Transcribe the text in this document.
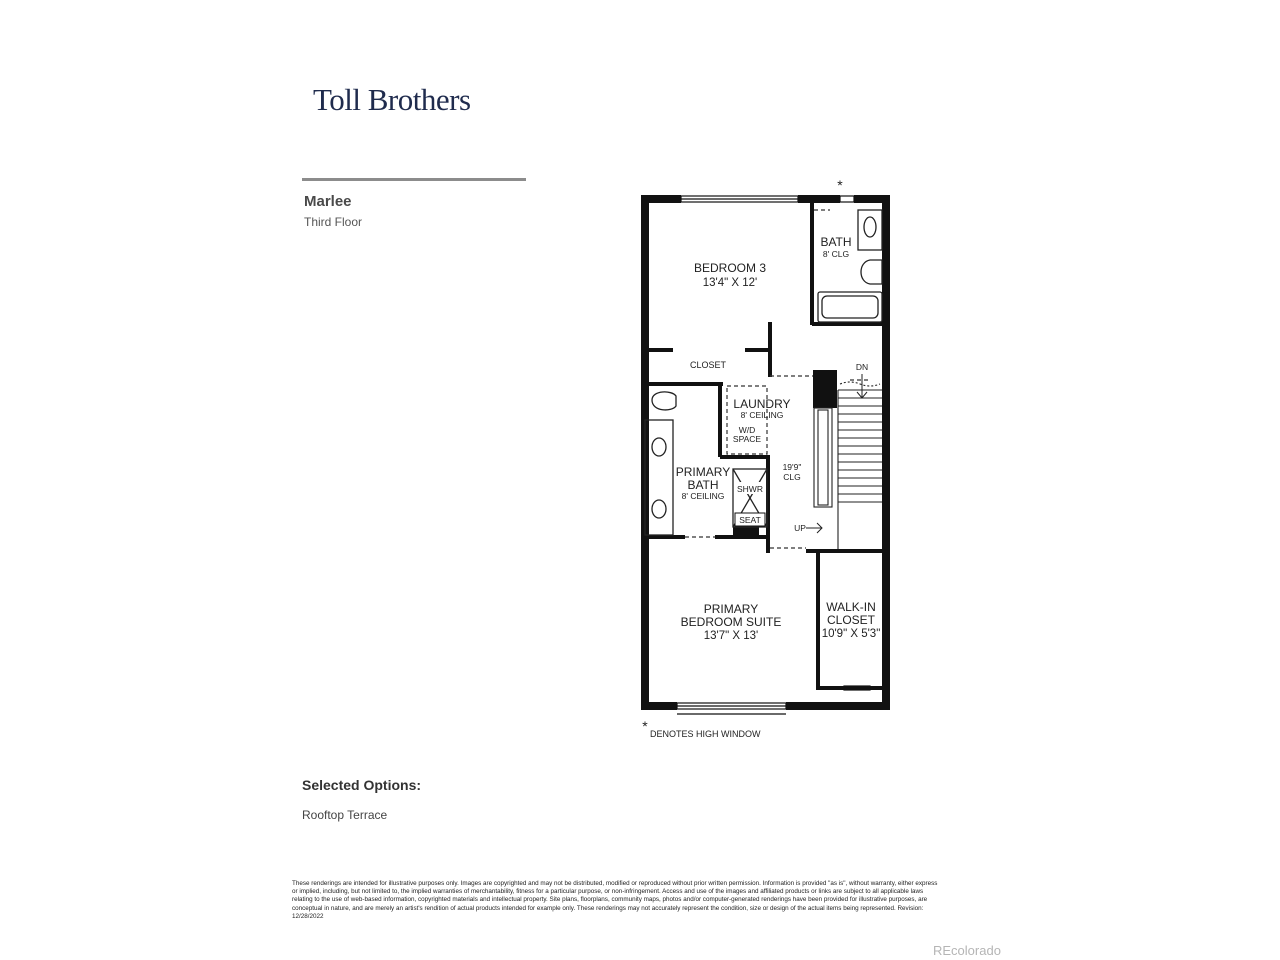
Toll Brothers
Marlee
Third Floor
BEDROOM 3
13'4" X 12'
BATH
8' CLG
CLOSET
LAUNDRY
8' CEILING
W/D
SPACE
PRIMARY
BATH
8' CEILING
SHWR
SEAT
19'9"
CLG
DN
UP
PRIMARY
BEDROOM SUITE
13'7" X 13'
WALK-IN
CLOSET
10'9" X 5'3"
*
* DENOTES HIGH WINDOW
Selected Options:
Rooftop Terrace
These renderings are intended for illustrative purposes only. Images are copyrighted and may not be distributed, modified or reproduced without prior written permission. Information is provided "as is", without warranty, either express or implied, including, but not limited to, the implied warranties of merchantability, fitness for a particular purpose, or non-infringement. Access and use of the images and affiliated products or links are subject to all applicable laws relating to the use of web-based information, copyrighted materials and intellectual property. Site plans, floorplans, community maps, photos and/or computer-generated renderings have been provided for illustrative purposes, are conceptual in nature, and are merely an artist's rendition of actual products intended for example only. These renderings may not accurately represent the condition, size or design of the actual items being represented. Revision: 12/28/2022
REcolorado
